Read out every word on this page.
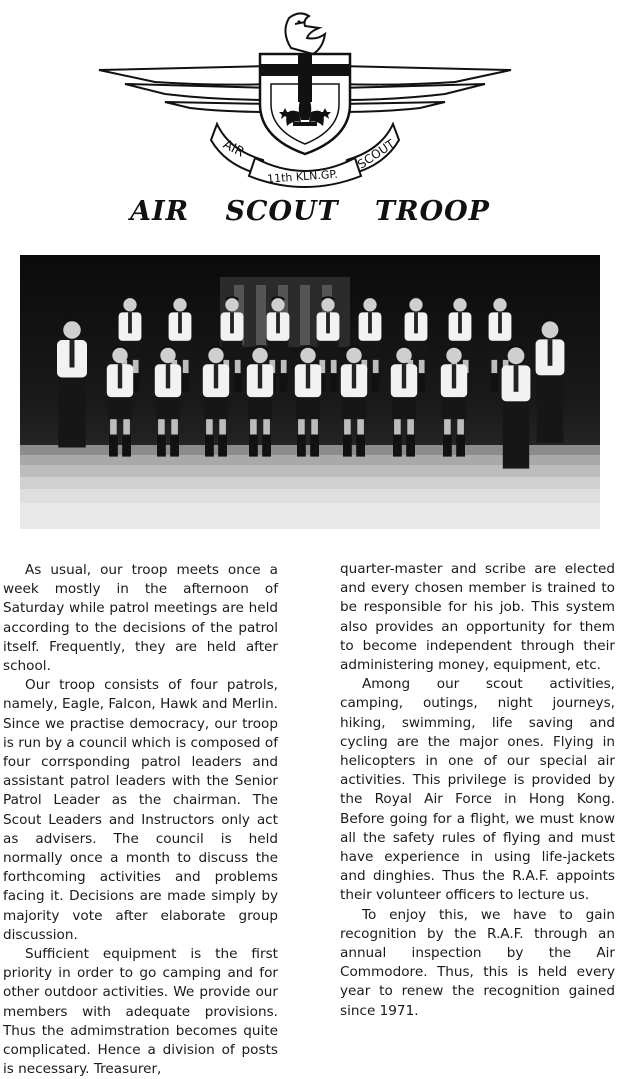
AIR	SCOUT
11th KLN.GP.
AIR SCOUT TROOP

As usual, our troop meets once a week mostly in the afternoon of Saturday while patrol meetings are held according to the decisions of the patrol itself. Frequently, they are held after school.

Our troop consists of four patrols, namely, Eagle, Falcon, Hawk and Merlin. Since we practise democracy, our troop is run by a council which is composed of four corrsponding patrol leaders and assistant patrol leaders with the Senior Patrol Leader as the chairman. The Scout Leaders and Instructors only act as advisers. The council is held normally once a month to discuss the forthcoming activities and problems facing it. Decisions are made simply by majority vote after elaborate group discussion.

Sufficient equipment is the first priority in order to go camping and for other outdoor activities. We provide our members with adequate provisions. Thus the admimstration becomes quite complicated. Hence a division of posts is necessary. Treasurer,

quarter-master and scribe are elected and every chosen member is trained to be responsible for his job. This system also provides an opportunity for them to become independent through their administering money, equipment, etc.

Among our scout activities, camping, outings, night journeys, hiking, swimming, life saving and cycling are the major ones. Flying in helicopters in one of our special air activities. This privilege is provided by the Royal Air Force in Hong Kong. Before going for a flight, we must know all the safety rules of flying and must have experience in using life-jackets and dinghies. Thus the R.A.F. appoints their volunteer officers to lecture us.

To enjoy this, we have to gain recognition by the R.A.F. through an annual inspection by the Air Commodore. Thus, this is held every year to renew the recognition gained since 1971.
